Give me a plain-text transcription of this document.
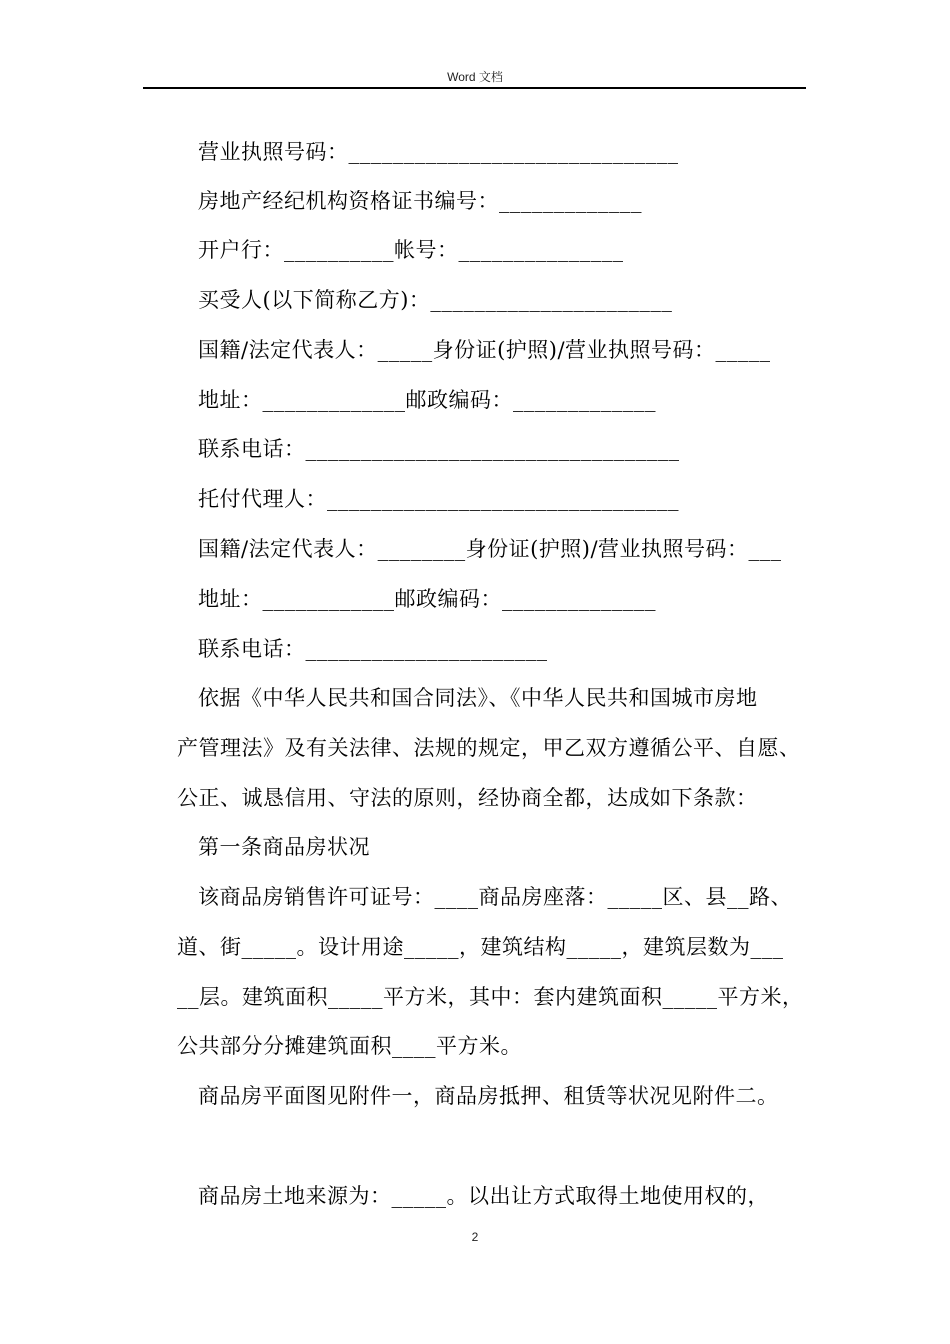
Word 文档
营业执照号码：______________________________
房地产经纪机构资格证书编号：_____________
开户行：__________帐号：_______________
买受人(以下简称乙方)：______________________
国籍/法定代表人：_____身份证(护照)/营业执照号码：_____
地址：_____________邮政编码：_____________
联系电话：__________________________________
托付代理人：________________________________
国籍/法定代表人：________身份证(护照)/营业执照号码：___
地址：____________邮政编码：______________
联系电话：______________________
依据《中华人民共和国合同法》、《中华人民共和国城市房地
产管理法》及有关法律、法规的规定，甲乙双方遵循公平、自愿、
公正、诚恳信用、守法的原则，经协商全都，达成如下条款：
第一条商品房状况
该商品房销售许可证号：____商品房座落：_____区、县__路、
道、街_____。设计用途_____，建筑结构_____，建筑层数为___
__层。建筑面积_____平方米，其中：套内建筑面积_____平方米，
公共部分分摊建筑面积____平方米。
商品房平面图见附件一，商品房抵押、租赁等状况见附件二。
商品房土地来源为：_____。以出让方式取得土地使用权的，
2
